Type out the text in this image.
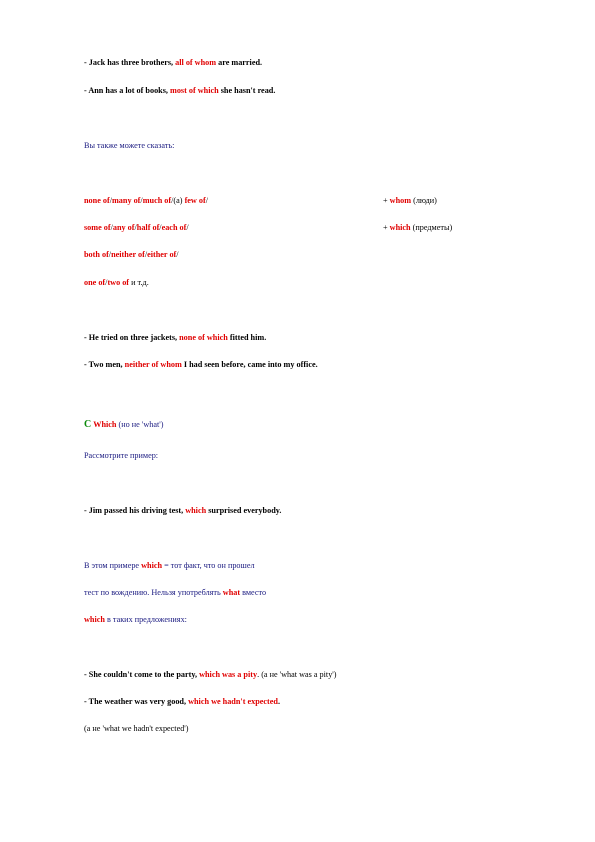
- Jack has three brothers, all of whom are married.
- Ann has a lot of books, most of which she hasn't read.
Вы также можете сказать:
none of/many of/much of/(a) few of/	+ whom (люди)
some of/any of/half of/each of/	+ which (предметы)
both of/neither of/either of/
one of/two of и т.д.
- He tried on three jackets, none of which fitted him.
- Two men, neither of whom I had seen before, came into my office.
C Which (но не 'what')
Рассмотрите пример:
- Jim passed his driving test, which surprised everybody.
В этом примере which = тот факт, что он прошел
тест по вождению. Нельзя употреблять what вместо
which в таких предложениях:
- She couldn't come to the party, which was a pity. (a не 'what was a pity')
- The weather was very good, which we hadn't expected.
(а не 'what we hadn't expected')
